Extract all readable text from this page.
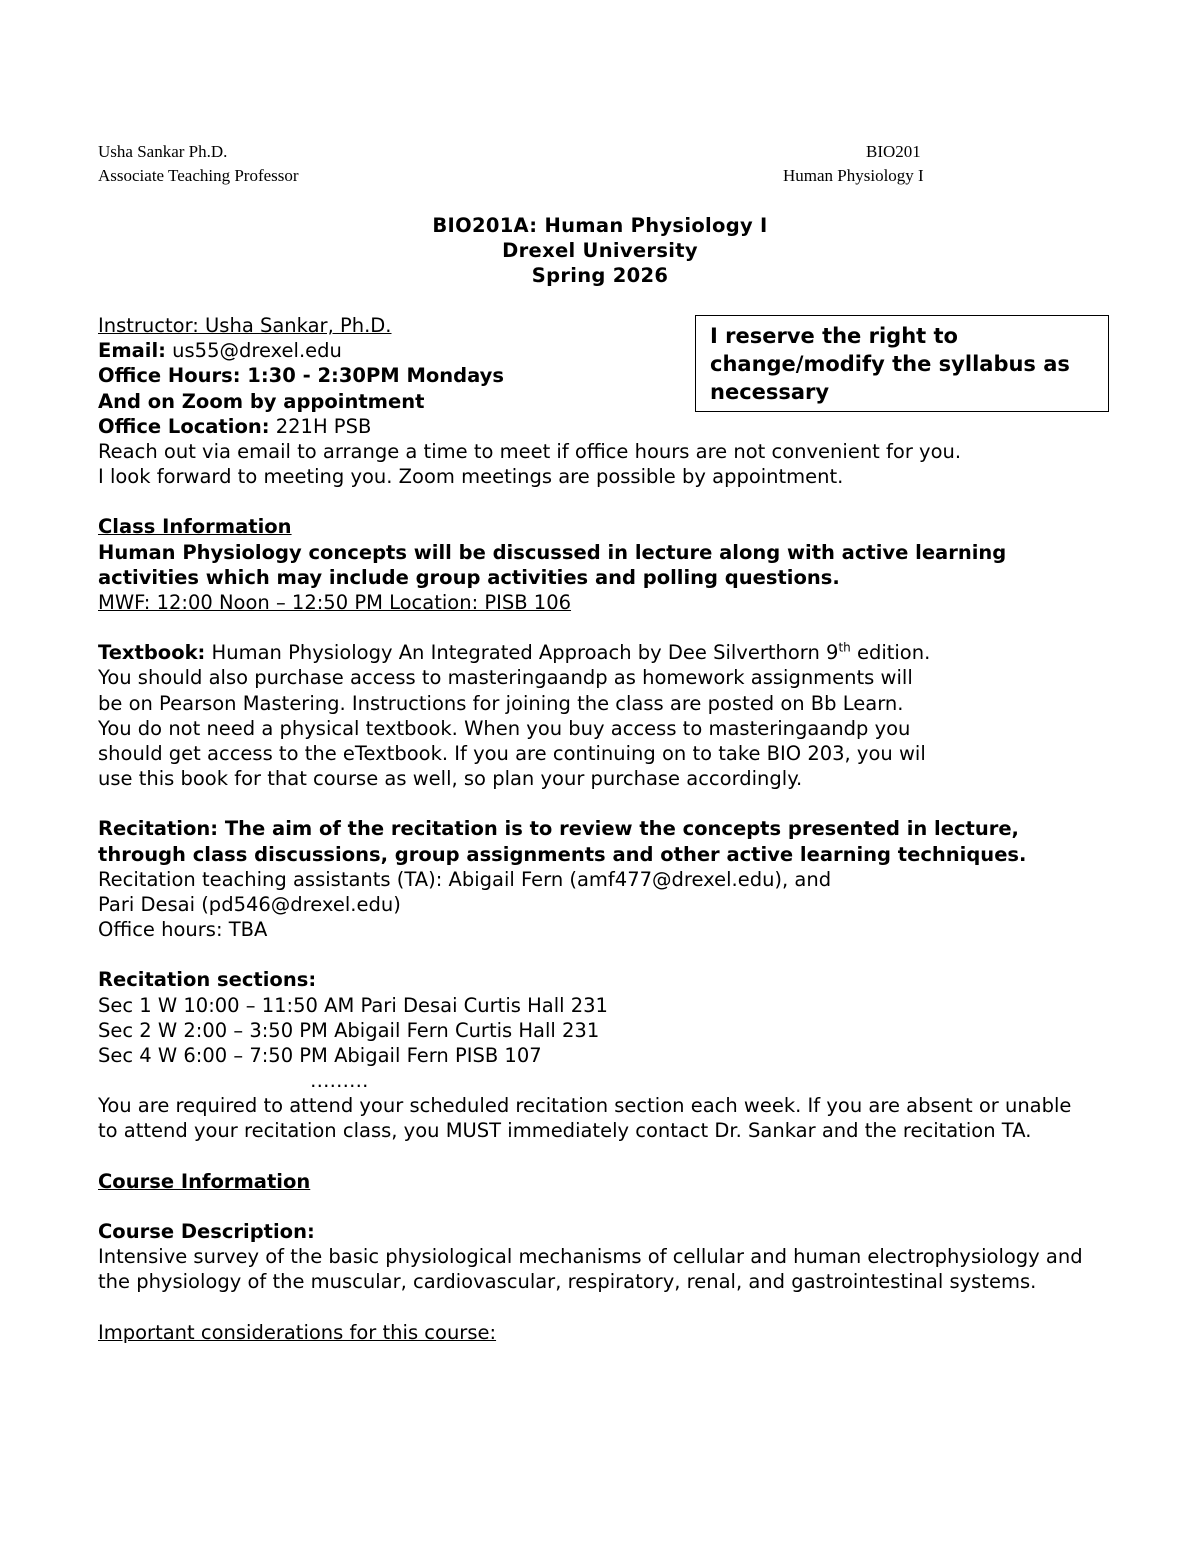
Usha Sankar Ph.D.
Associate Teaching Professor
BIO201
Human Physiology I
BIO201A: Human Physiology I
Drexel University
Spring 2026
I reserve the right to change/modify the syllabus as necessary

Instructor: Usha Sankar, Ph.D.

Email: us55@drexel.edu

Office Hours: 1:30 - 2:30PM Mondays

And on Zoom by appointment

Office Location: 221H PSB

Reach out via email to arrange a time to meet if office hours are not convenient for you.

I look forward to meeting you. Zoom meetings are possible by appointment.

Class Information

Human Physiology concepts will be discussed in lecture along with active learning activities which may include group activities and polling questions.

MWF: 12:00 Noon – 12:50 PM Location: PISB 106

Textbook: Human Physiology An Integrated Approach by Dee Silverthorn 9th edition.

You should also purchase access to masteringaandp as homework assignments will

be on Pearson Mastering. Instructions for joining the class are posted on Bb Learn.

You do not need a physical textbook. When you buy access to masteringaandp you

should get access to the eTextbook. If you are continuing on to take BIO 203, you wil

use this book for that course as well, so plan your purchase accordingly.

Recitation: The aim of the recitation is to review the concepts presented in lecture, through class discussions, group assignments and other active learning techniques.

Recitation teaching assistants (TA): Abigail Fern (amf477@drexel.edu), and

Pari Desai (pd546@drexel.edu)

Office hours: TBA

Recitation sections:

Sec 1 W 10:00 – 11:50 AM Pari Desai Curtis Hall 231

Sec 2 W 2:00 – 3:50 PM Abigail Fern Curtis Hall 231

Sec 4 W 6:00 – 7:50 PM Abigail Fern PISB 107

………

You are required to attend your scheduled recitation section each week. If you are absent or unable to attend your recitation class, you MUST immediately contact Dr. Sankar and the recitation TA.

Course Information

Course Description:

Intensive survey of the basic physiological mechanisms of cellular and human electrophysiology and the physiology of the muscular, cardiovascular, respiratory, renal, and gastrointestinal systems.

Important considerations for this course:
